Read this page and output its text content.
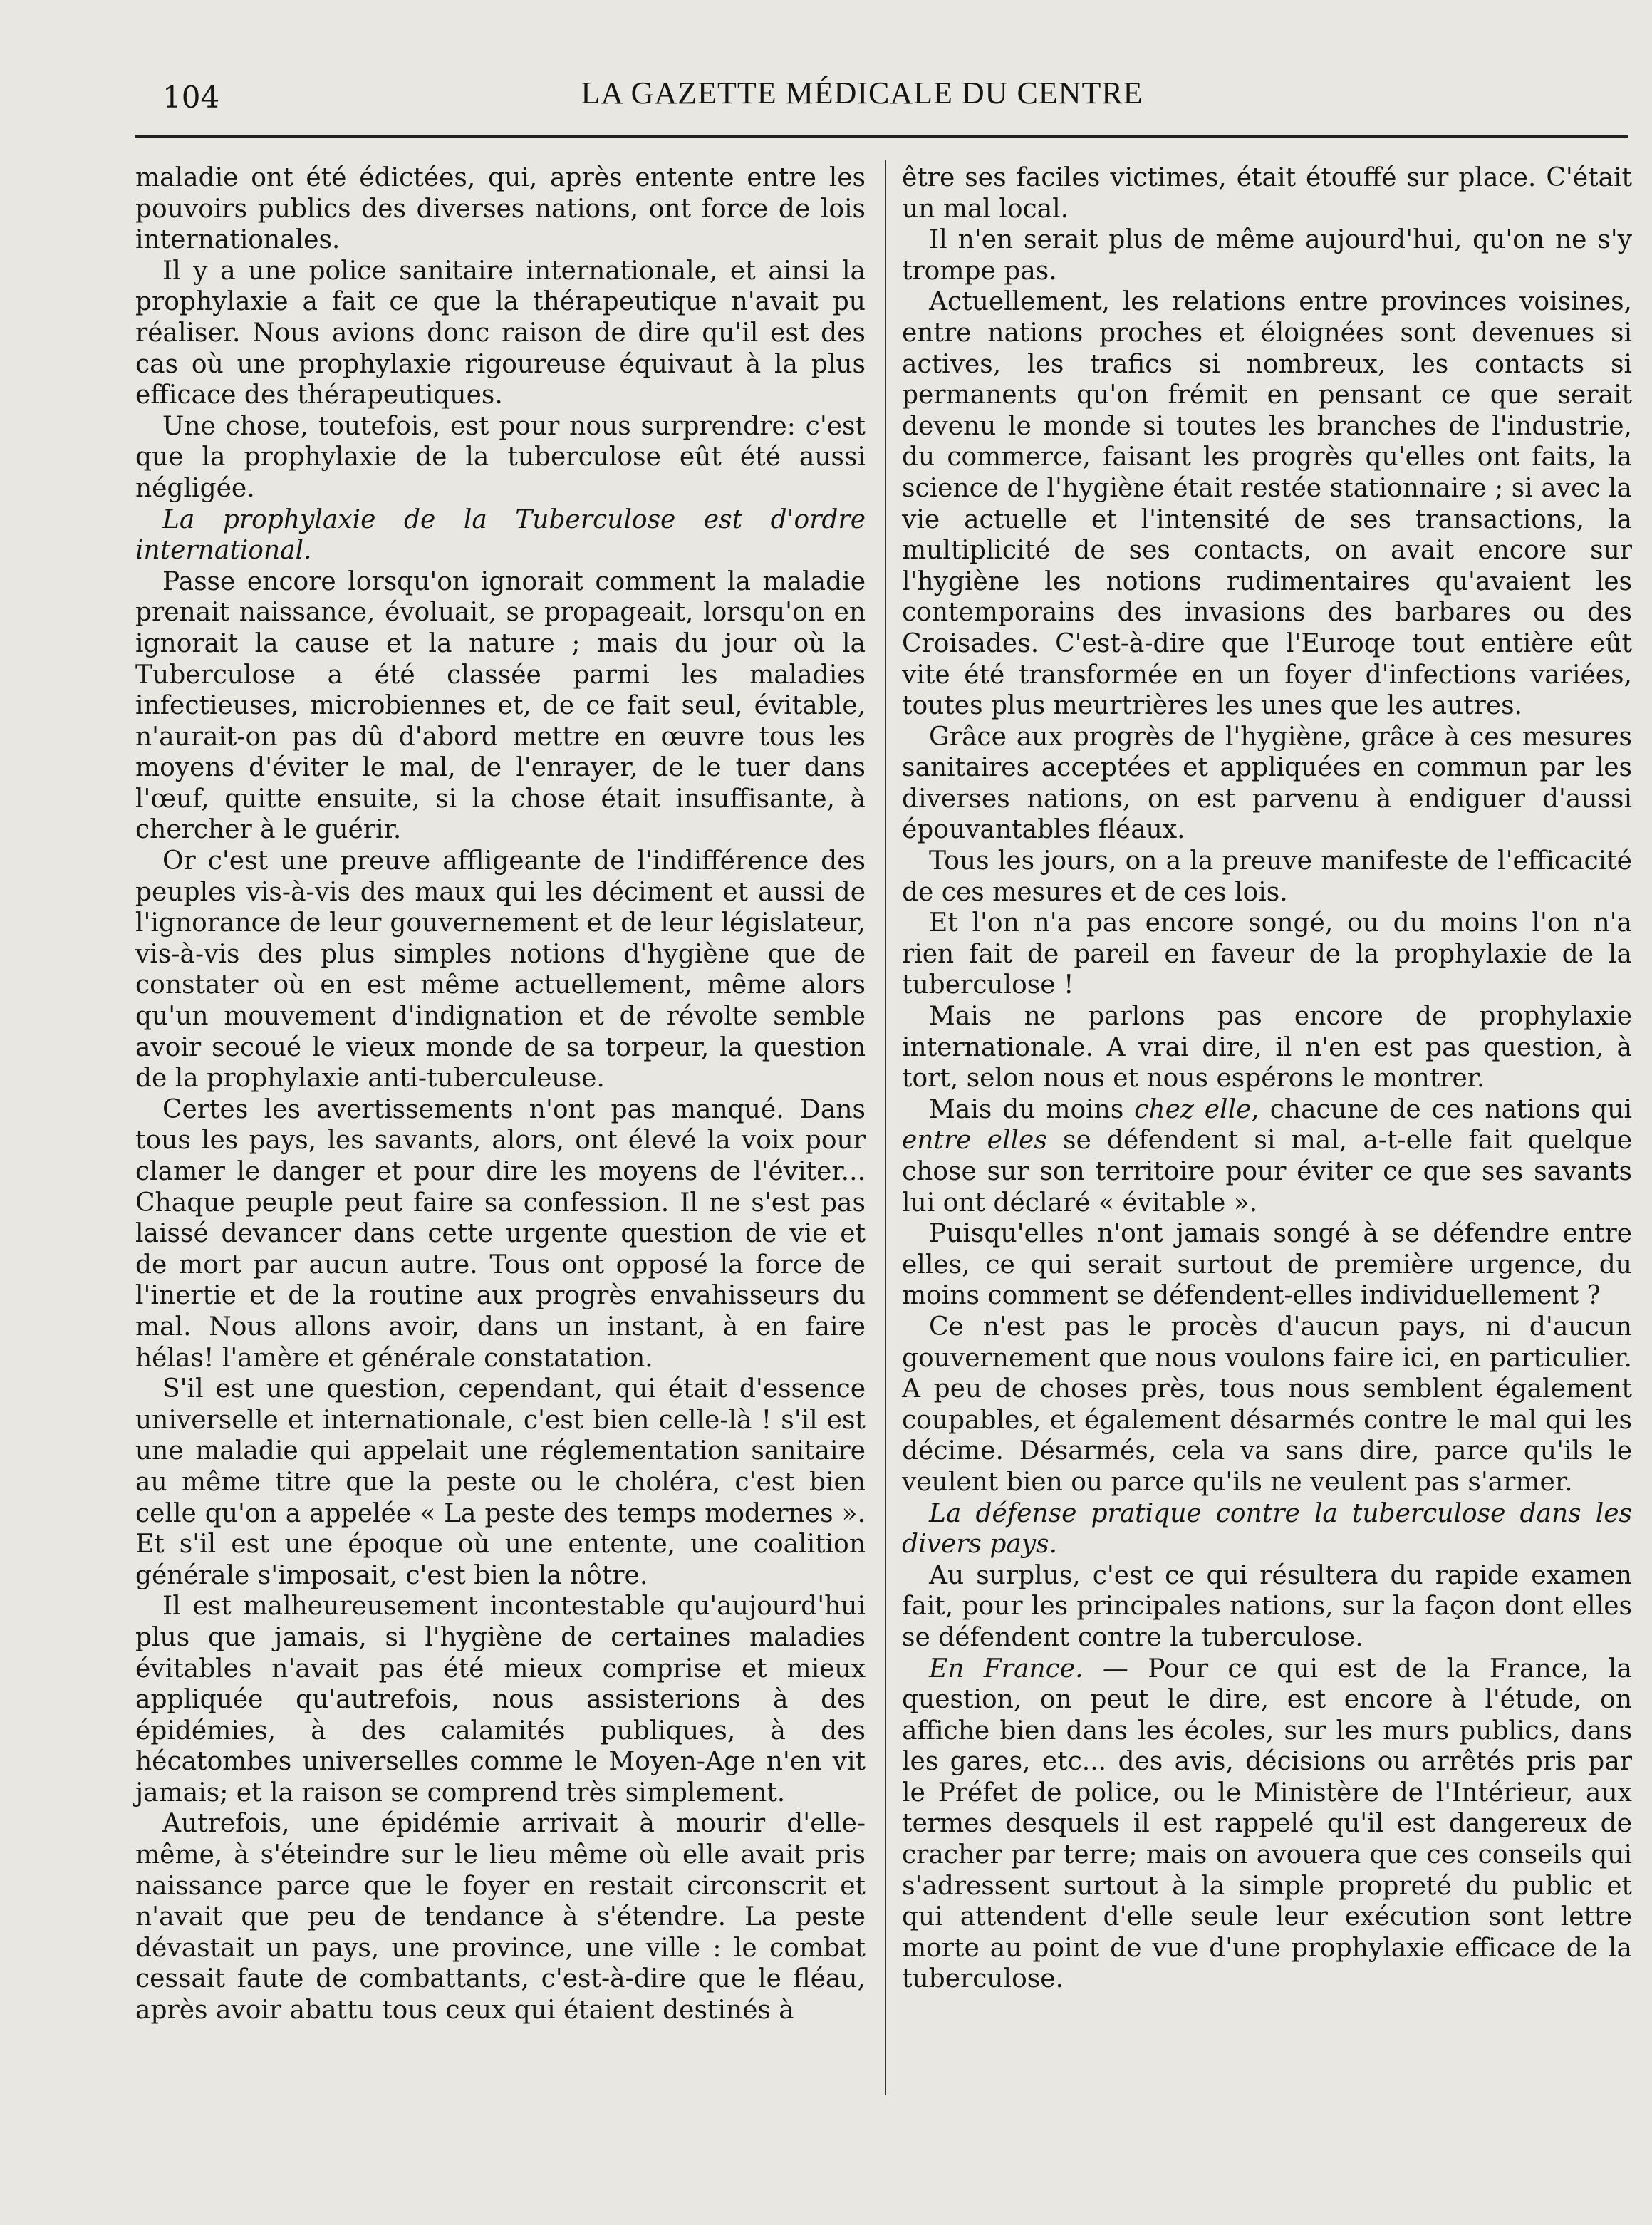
104	LA GAZETTE MÉDICALE DU CENTRE

maladie ont été édictées, qui, après entente entre les pouvoirs publics des diverses nations, ont force de lois internationales.

Il y a une police sanitaire internationale, et ainsi la prophylaxie a fait ce que la thérapeutique n'avait pu réaliser. Nous avions donc raison de dire qu'il est des cas où une prophylaxie rigoureuse équivaut à la plus efficace des thérapeutiques.

Une chose, toutefois, est pour nous surprendre: c'est que la prophylaxie de la tuberculose eût été aussi négligée.

La prophylaxie de la Tuberculose est d'ordre international.

Passe encore lorsqu'on ignorait comment la maladie prenait naissance, évoluait, se propageait, lorsqu'on en ignorait la cause et la nature ; mais du jour où la Tuberculose a été classée parmi les maladies infectieuses, microbiennes et, de ce fait seul, évitable, n'aurait-on pas dû d'abord mettre en œuvre tous les moyens d'éviter le mal, de l'enrayer, de le tuer dans l'œuf, quitte ensuite, si la chose était insuffisante, à chercher à le guérir.

Or c'est une preuve affligeante de l'indifférence des peuples vis-à-vis des maux qui les déciment et aussi de l'ignorance de leur gouvernement et de leur législateur, vis-à-vis des plus simples notions d'hygiène que de constater où en est même actuellement, même alors qu'un mouvement d'indignation et de révolte semble avoir secoué le vieux monde de sa torpeur, la question de la prophylaxie anti-tuberculeuse.

Certes les avertissements n'ont pas manqué. Dans tous les pays, les savants, alors, ont élevé la voix pour clamer le danger et pour dire les moyens de l'éviter... Chaque peuple peut faire sa confession. Il ne s'est pas laissé devancer dans cette urgente question de vie et de mort par aucun autre. Tous ont opposé la force de l'inertie et de la routine aux progrès envahisseurs du mal. Nous allons avoir, dans un instant, à en faire hélas! l'amère et générale constatation.

S'il est une question, cependant, qui était d'essence universelle et internationale, c'est bien celle-là ! s'il est une maladie qui appelait une réglementation sanitaire au même titre que la peste ou le choléra, c'est bien celle qu'on a appelée « La peste des temps modernes ». Et s'il est une époque où une entente, une coalition générale s'imposait, c'est bien la nôtre.

Il est malheureusement incontestable qu'aujourd'hui plus que jamais, si l'hygiène de certaines maladies évitables n'avait pas été mieux comprise et mieux appliquée qu'autrefois, nous assisterions à des épidémies, à des calamités publiques, à des hécatombes universelles comme le Moyen-Age n'en vit jamais; et la raison se comprend très simplement.

Autrefois, une épidémie arrivait à mourir d'elle-même, à s'éteindre sur le lieu même où elle avait pris naissance parce que le foyer en restait circonscrit et n'avait que peu de tendance à s'étendre. La peste dévastait un pays, une province, une ville : le combat cessait faute de combattants, c'est-à-dire que le fléau, après avoir abattu tous ceux qui étaient destinés à

être ses faciles victimes, était étouffé sur place. C'était un mal local.

Il n'en serait plus de même aujourd'hui, qu'on ne s'y trompe pas.

Actuellement, les relations entre provinces voisines, entre nations proches et éloignées sont devenues si actives, les trafics si nombreux, les contacts si permanents qu'on frémit en pensant ce que serait devenu le monde si toutes les branches de l'industrie, du commerce, faisant les progrès qu'elles ont faits, la science de l'hygiène était restée stationnaire ; si avec la vie actuelle et l'intensité de ses transactions, la multiplicité de ses contacts, on avait encore sur l'hygiène les notions rudimentaires qu'avaient les contemporains des invasions des barbares ou des Croisades. C'est-à-dire que l'Euroqe tout entière eût vite été transformée en un foyer d'infections variées, toutes plus meurtrières les unes que les autres.

Grâce aux progrès de l'hygiène, grâce à ces mesures sanitaires acceptées et appliquées en commun par les diverses nations, on est parvenu à endiguer d'aussi épouvantables fléaux.

Tous les jours, on a la preuve manifeste de l'efficacité de ces mesures et de ces lois.

Et l'on n'a pas encore songé, ou du moins l'on n'a rien fait de pareil en faveur de la prophylaxie de la tuberculose !

Mais ne parlons pas encore de prophylaxie internationale. A vrai dire, il n'en est pas question, à tort, selon nous et nous espérons le montrer.

Mais du moins chez elle, chacune de ces nations qui entre elles se défendent si mal, a-t-elle fait quelque chose sur son territoire pour éviter ce que ses savants lui ont déclaré « évitable ».

Puisqu'elles n'ont jamais songé à se défendre entre elles, ce qui serait surtout de première urgence, du moins comment se défendent-elles individuellement ?

Ce n'est pas le procès d'aucun pays, ni d'aucun gouvernement que nous voulons faire ici, en particulier. A peu de choses près, tous nous semblent également coupables, et également désarmés contre le mal qui les décime. Désarmés, cela va sans dire, parce qu'ils le veulent bien ou parce qu'ils ne veulent pas s'armer.

La défense pratique contre la tuberculose dans les divers pays.

Au surplus, c'est ce qui résultera du rapide examen fait, pour les principales nations, sur la façon dont elles se défendent contre la tuberculose.

En France. — Pour ce qui est de la France, la question, on peut le dire, est encore à l'étude, on affiche bien dans les écoles, sur les murs publics, dans les gares, etc... des avis, décisions ou arrêtés pris par le Préfet de police, ou le Ministère de l'Intérieur, aux termes desquels il est rappelé qu'il est dangereux de cracher par terre; mais on avouera que ces conseils qui s'adressent surtout à la simple propreté du public et qui attendent d'elle seule leur exécution sont lettre morte au point de vue d'une prophylaxie efficace de la tuberculose.
